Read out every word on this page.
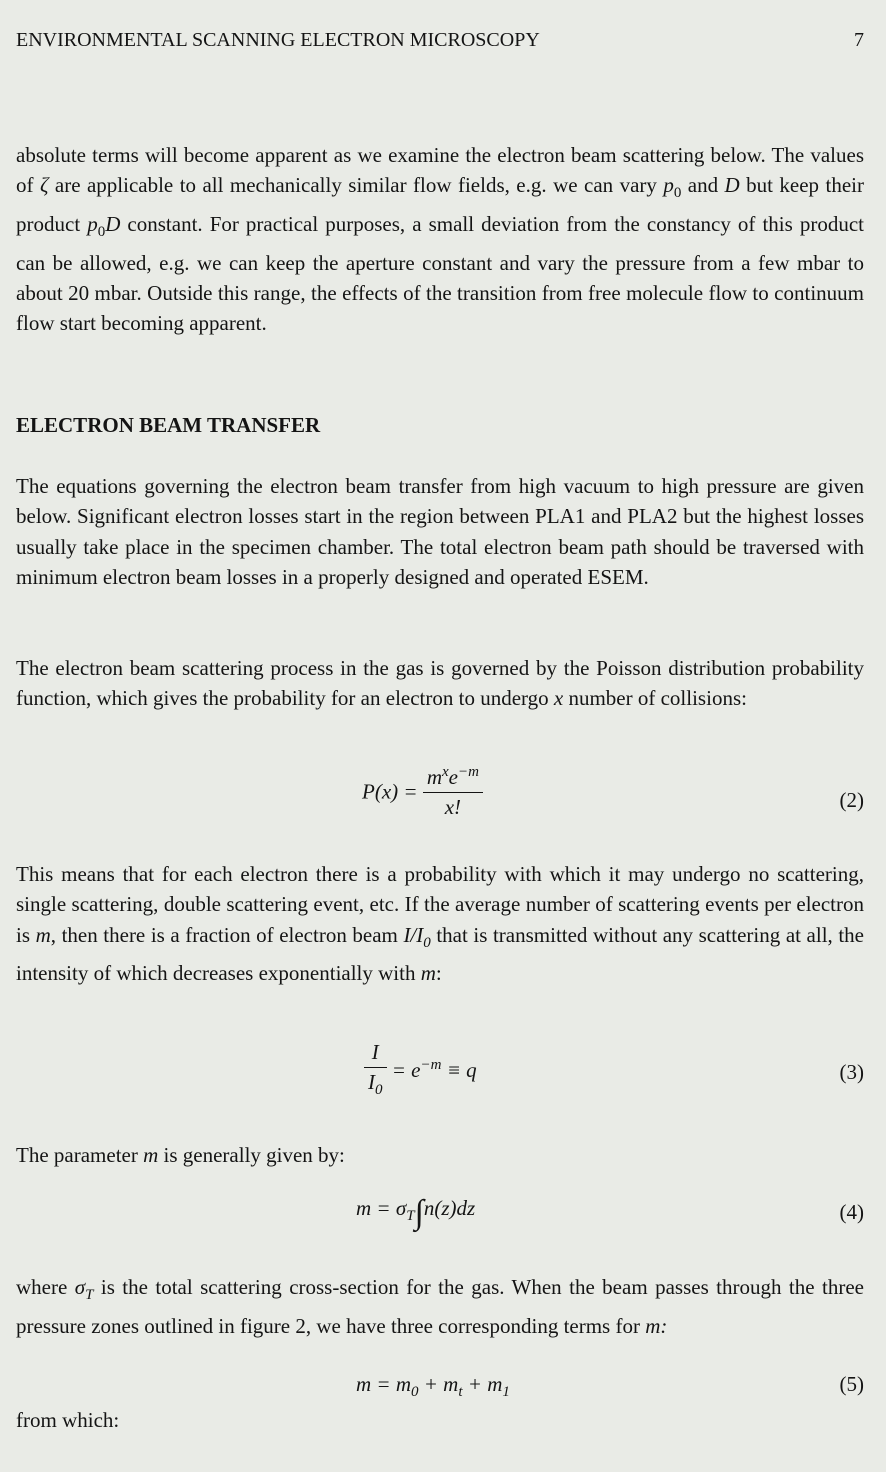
ENVIRONMENTAL SCANNING ELECTRON MICROSCOPY	7
absolute terms will become apparent as we examine the electron beam scattering below. The values of ζ are applicable to all mechanically similar flow fields, e.g. we can vary $p_0$ and D but keep their product $p_0D$ constant. For practical purposes, a small deviation from the constancy of this product can be allowed, e.g. we can keep the aperture constant and vary the pressure from a few mbar to about 20 mbar. Outside this range, the effects of the transition from free molecule flow to continuum flow start becoming apparent.
ELECTRON BEAM TRANSFER
The equations governing the electron beam transfer from high vacuum to high pressure are given below. Significant electron losses start in the region between PLA1 and PLA2 but the highest losses usually take place in the specimen chamber. The total electron beam path should be traversed with minimum electron beam losses in a properly designed and operated ESEM.
The electron beam scattering process in the gas is governed by the Poisson distribution probability function, which gives the probability for an electron to undergo x number of collisions:
$P(x) = \frac{m^xe^{-m}}{x!}$	(2)
This means that for each electron there is a probability with which it may undergo no scattering, single scattering, double scattering event, etc. If the average number of scattering events per electron is m, then there is a fraction of electron beam $I/I_0$ that is transmitted without any scattering at all, the intensity of which decreases exponentially with m:
$\frac{I}{I_0} = e^{-m} \equiv q$	(3)
The parameter m is generally given by:
$m = \sigma_T\int n(z)dz$	(4)
where $\sigma_T$ is the total scattering cross-section for the gas. When the beam passes through the three pressure zones outlined in figure 2, we have three corresponding terms for m:
$m = m_0 + m_t + m_1$	(5)
from which:
